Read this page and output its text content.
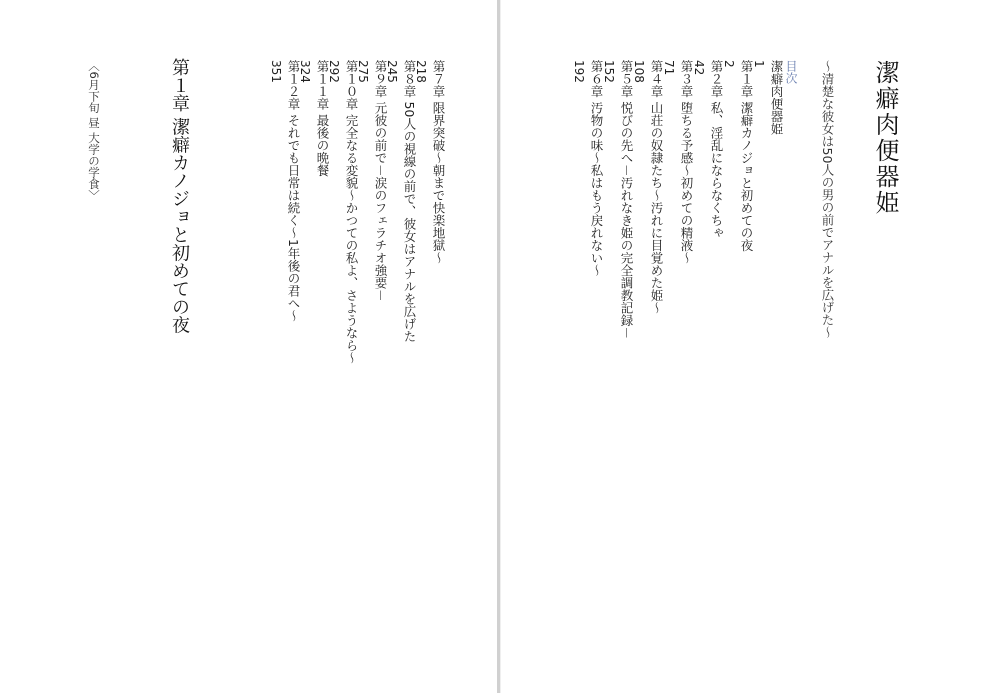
潔癖肉便器姫
～清楚な彼女は50人の男の前でアナルを広げた～
目次
潔癖肉便器姫
1
第１章 潔癖カノジョと初めての夜
2
第２章 私、淫乱にならなくちゃ
42
第３章 堕ちる予感～初めての精液～
71
第４章 山荘の奴隷たち～汚れに目覚めた姫～
108
第５章 悦びの先へ－汚れなき姫の完全調教記録－
152
第６章 汚物の味～私はもう戻れない～
192
第７章 限界突破～朝まで快楽地獄～
218
第８章 50人の視線の前で、彼女はアナルを広げた
245
第９章 元彼の前で－涙のフェラチオ強要－
275
第１０章 完全なる変貌～かつての私よ、さようなら～
292
第１１章 最後の晩餐
324
第１２章 それでも日常は続く～1年後の君へ～
351
第１章 潔癖カノジョと初めての夜
〈6月下旬 昼 大学の学食〉
